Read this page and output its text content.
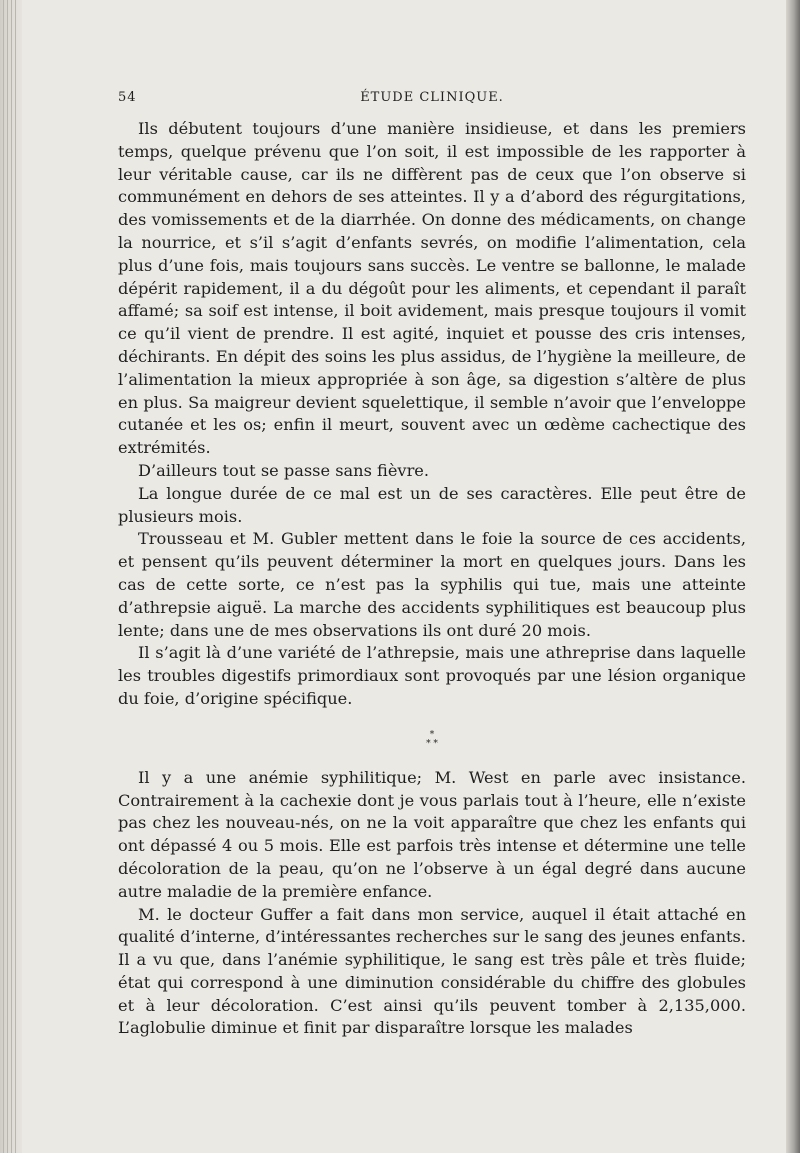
54	ÉTUDE CLINIQUE.

Ils débutent toujours d’une manière insidieuse, et dans les premiers temps, quelque prévenu que l’on soit, il est impossible de les rapporter à leur véritable cause, car ils ne diffèrent pas de ceux que l’on observe si communément en dehors de ses atteintes. Il y a d’abord des régurgitations, des vomissements et de la diarrhée. On donne des médicaments, on change la nourrice, et s’il s’agit d’enfants sevrés, on modifie l’alimentation, cela plus d’une fois, mais toujours sans succès. Le ventre se ballonne, le malade dépérit rapidement, il a du dégoût pour les aliments, et cependant il paraît affamé; sa soif est intense, il boit avidement, mais presque toujours il vomit ce qu’il vient de prendre. Il est agité, inquiet et pousse des cris intenses, déchirants. En dépit des soins les plus assidus, de l’hygiène la meilleure, de l’alimentation la mieux appropriée à son âge, sa digestion s’altère de plus en plus. Sa maigreur devient squelettique, il semble n’avoir que l’enveloppe cutanée et les os; enfin il meurt, souvent avec un œdème cachectique des extrémités.

D’ailleurs tout se passe sans fièvre.

La longue durée de ce mal est un de ses caractères. Elle peut être de plusieurs mois.

Trousseau et M. Gubler mettent dans le foie la source de ces accidents, et pensent qu’ils peuvent déterminer la mort en quelques jours. Dans les cas de cette sorte, ce n’est pas la syphilis qui tue, mais une atteinte d’athrepsie aiguë. La marche des accidents syphilitiques est beaucoup plus lente; dans une de mes observations ils ont duré 20 mois.

Il s’agit là d’une variété de l’athrepsie, mais une athreprise dans laquelle les troubles digestifs primordiaux sont provoqués par une lésion organique du foie, d’origine spécifique.

*
* *

Il y a une anémie syphilitique; M. West en parle avec insistance. Contrairement à la cachexie dont je vous parlais tout à l’heure, elle n’existe pas chez les nouveau-nés, on ne la voit apparaître que chez les enfants qui ont dépassé 4 ou 5 mois. Elle est parfois très intense et détermine une telle décoloration de la peau, qu’on ne l’observe à un égal degré dans aucune autre maladie de la première enfance.

M. le docteur Guffer a fait dans mon service, auquel il était attaché en qualité d’interne, d’intéressantes recherches sur le sang des jeunes enfants. Il a vu que, dans l’anémie syphilitique, le sang est très pâle et très fluide; état qui correspond à une diminution considérable du chiffre des globules et à leur décoloration. C’est ainsi qu’ils peuvent tomber à 2,135,000. L’aglobulie diminue et finit par disparaître lorsque les malades
